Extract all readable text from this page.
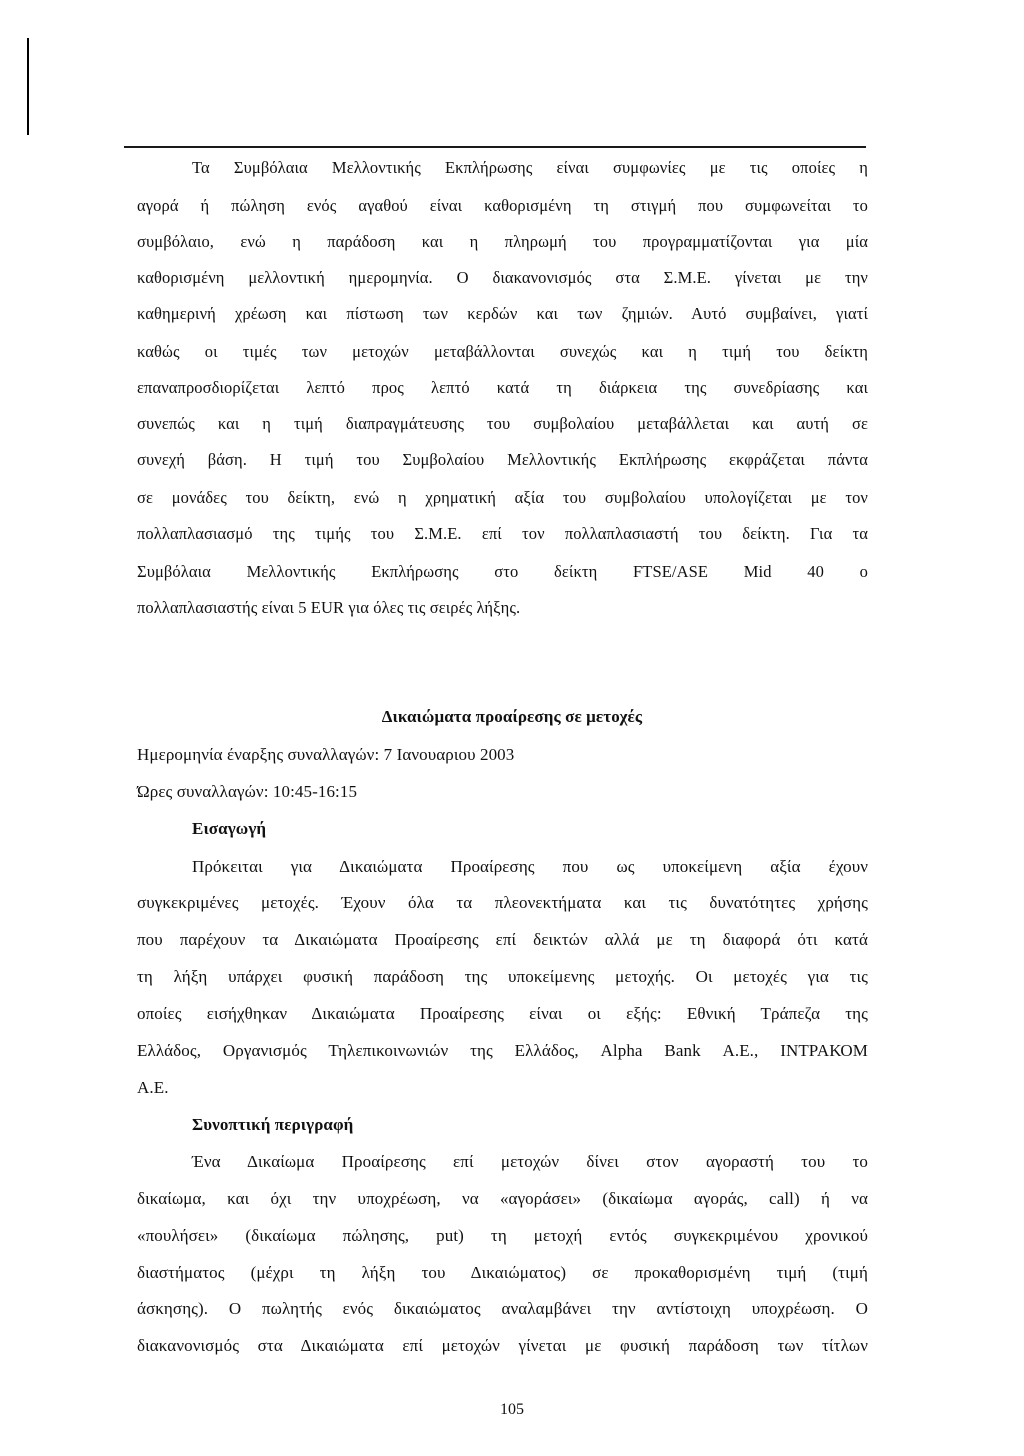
Τα Συμβόλαια Μελλοντικής Εκπλήρωσης είναι συμφωνίες με τις οποίες η
αγορά ή πώληση ενός αγαθού είναι καθορισμένη τη στιγμή που συμφωνείται το
συμβόλαιο, ενώ η παράδοση και η πληρωμή του προγραμματίζονται για μία
καθορισμένη μελλοντική ημερομηνία. Ο διακανονισμός στα Σ.Μ.Ε. γίνεται με την
καθημερινή χρέωση και πίστωση των κερδών και των ζημιών. Αυτό συμβαίνει, γιατί
καθώς οι τιμές των μετοχών μεταβάλλονται συνεχώς και η τιμή του δείκτη
επαναπροσδιορίζεται λεπτό προς λεπτό κατά τη διάρκεια της συνεδρίασης και
συνεπώς και η τιμή διαπραγμάτευσης του συμβολαίου μεταβάλλεται και αυτή σε
συνεχή βάση. Η τιμή του Συμβολαίου Μελλοντικής Εκπλήρωσης εκφράζεται πάντα
σε μονάδες του δείκτη, ενώ η χρηματική αξία του συμβολαίου υπολογίζεται με τον
πολλαπλασιασμό της τιμής του Σ.Μ.Ε. επί τον πολλαπλασιαστή του δείκτη. Για τα
Συμβόλαια Μελλοντικής Εκπλήρωσης στο δείκτη FTSE/ASE Mid 40 ο
πολλαπλασιαστής είναι 5 EUR για όλες τις σειρές λήξης.
Δικαιώματα προαίρεσης σε μετοχές
Ημερομηνία έναρξης συναλλαγών: 7 Ιανουαριου 2003
Ώρες συναλλαγών: 10:45-16:15
Εισαγωγή
Πρόκειται για Δικαιώματα Προαίρεσης που ως υποκείμενη αξία έχουν
συγκεκριμένες μετοχές. Έχουν όλα τα πλεονεκτήματα και τις δυνατότητες χρήσης
που παρέχουν τα Δικαιώματα Προαίρεσης επί δεικτών αλλά με τη διαφορά ότι κατά
τη λήξη υπάρχει φυσική παράδοση της υποκείμενης μετοχής. Οι μετοχές για τις
οποίες εισήχθηκαν Δικαιώματα Προαίρεσης είναι οι εξής: Εθνική Τράπεζα της
Ελλάδος, Οργανισμός Τηλεπικοινωνιών της Ελλάδος, Alpha Bank Α.Ε., ΙΝΤΡΑΚΟΜ
Α.Ε.
Συνοπτική περιγραφή
Ένα Δικαίωμα Προαίρεσης επί μετοχών δίνει στον αγοραστή του το
δικαίωμα, και όχι την υποχρέωση, να «αγοράσει» (δικαίωμα αγοράς, call) ή να
«πουλήσει» (δικαίωμα πώλησης, put) τη μετοχή εντός συγκεκριμένου χρονικού
διαστήματος (μέχρι τη λήξη του Δικαιώματος) σε προκαθορισμένη τιμή (τιμή
άσκησης). Ο πωλητής ενός δικαιώματος αναλαμβάνει την αντίστοιχη υποχρέωση. Ο
διακανονισμός στα Δικαιώματα επί μετοχών γίνεται με φυσική παράδοση των τίτλων
105
